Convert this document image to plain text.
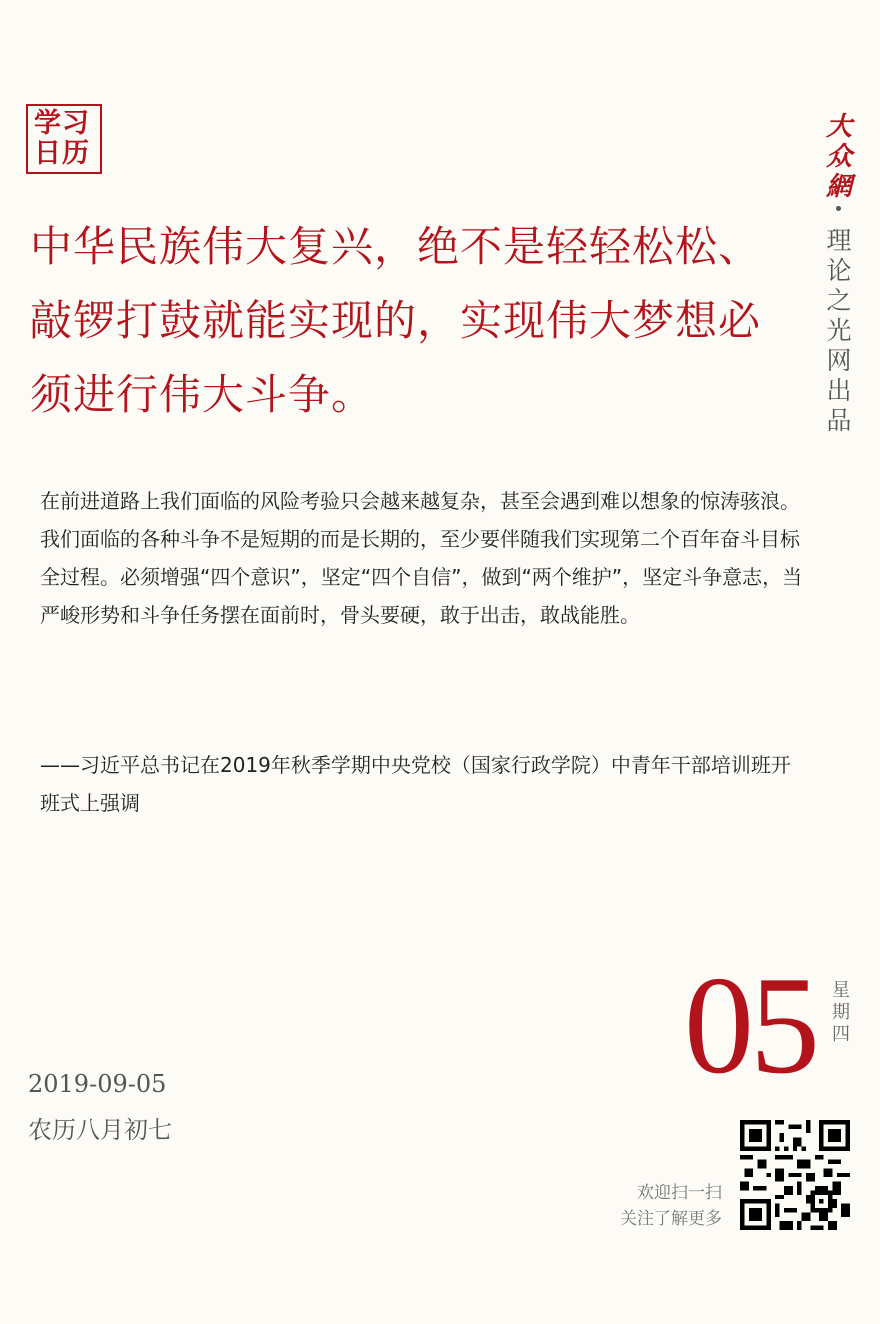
学习
日历
大
众
網
理
论
之
光
网
出
品
中华民族伟大复兴，绝不是轻轻松松、敲锣打鼓就能实现的，实现伟大梦想必须进行伟大斗争。

在前进道路上我们面临的风险考验只会越来越复杂，甚至会遇到难以想象的惊涛骇浪。我们面临的各种斗争不是短期的而是长期的，至少要伴随我们实现第二个百年奋斗目标全过程。必须增强“四个意识”，坚定“四个自信”，做到“两个维护”，坚定斗争意志，当严峻形势和斗争任务摆在面前时，骨头要硬，敢于出击，敢战能胜。

——习近平总书记在2019年秋季学期中央党校（国家行政学院）中青年干部培训班开班式上强调

05 星
期
四
2019-09-05
农历八月初七
欢迎扫一扫
关注了解更多
